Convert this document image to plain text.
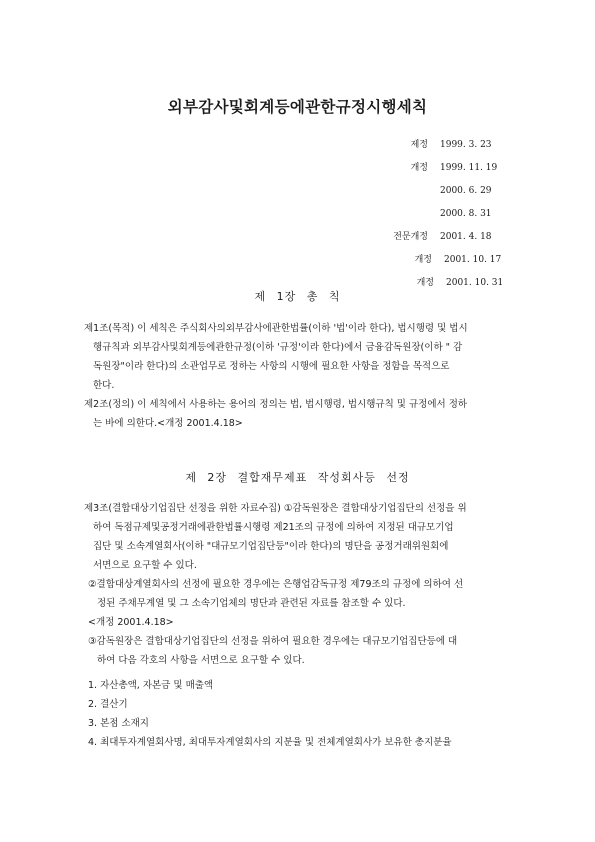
외부감사및회계등에관한규정시행세칙
제정 1999. 3. 23
개정 1999. 11. 19
2000. 6. 29
2000. 8. 31
전문개정 2001. 4. 18
개정 2001. 10. 17
개정 2001. 10. 31
제 1장 총 칙
제1조(목적) 이 세칙은 주식회사의외부감사에관한법률(이하 '법'이라 한다), 법시행령 및 법시
행규칙과 외부감사및회계등에관한규정(이하 '규정'이라 한다)에서 금융감독원장(이하 " 감
독원장"이라 한다)의 소관업무로 정하는 사항의 시행에 필요한 사항을 정함을 목적으로
한다.
제2조(정의) 이 세칙에서 사용하는 용어의 정의는 법, 법시행령, 법시행규칙 및 규정에서 정하
는 바에 의한다.<개정 2001.4.18>
제 2장 결합재무제표 작성회사등 선정
제3조(결합대상기업집단 선정을 위한 자료수집) ①감독원장은 결합대상기업집단의 선정을 위
하여 독점규제및공정거래에관한법률시행령 제21조의 규정에 의하여 지정된 대규모기업
집단 및 소속계열회사(이하 "대규모기업집단등"이라 한다)의 명단을 공정거래위원회에
서면으로 요구할 수 있다.
②결합대상계열회사의 선정에 필요한 경우에는 은행업감독규정 제79조의 규정에 의하여 선
정된 주채무계열 및 그 소속기업체의 명단과 관련된 자료를 참조할 수 있다.
<개정 2001.4.18>
③감독원장은 결합대상기업집단의 선정을 위하여 필요한 경우에는 대규모기업집단등에 대
하여 다음 각호의 사항을 서면으로 요구할 수 있다.
1. 자산총액, 자본금 및 매출액
2. 결산기
3. 본점 소재지
4. 최대투자계열회사명, 최대투자계열회사의 지분율 및 전체계열회사가 보유한 총지분율
